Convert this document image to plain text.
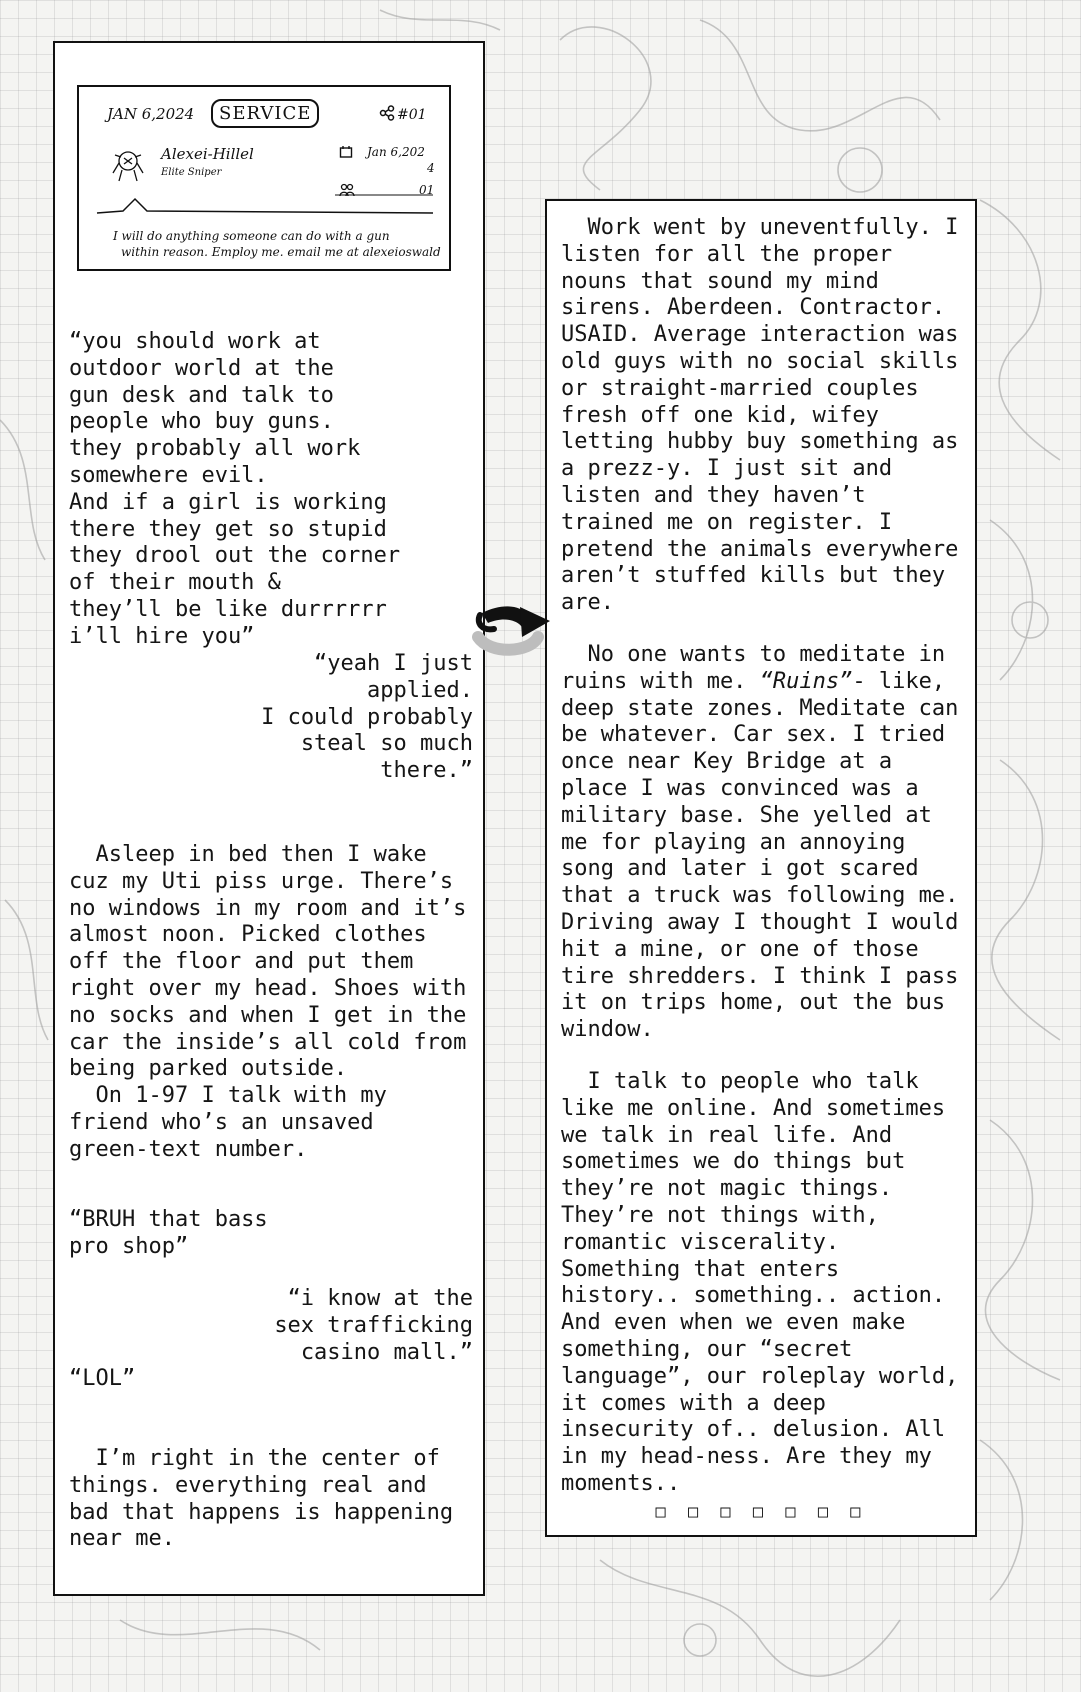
JAN 6,2024	SERVICE	#01
Alexei-Hillel
Elite Sniper
Jan 6,202
4
01
I will do anything someone can do with a gun
within reason. Employ me. email me at alexeioswald

“you should work at
outdoor world at the
gun desk and talk to
people who buy guns.
they probably all work
somewhere evil.
And if a girl is working
there they get so stupid
they drool out the corner
of their mouth &
they’ll be like durrrrrr
i’ll hire you”

“yeah I just
applied.
I could probably
steal so much
there.”

Asleep in bed then I wake
cuz my Uti piss urge. There’s
no windows in my room and it’s
almost noon. Picked clothes
off the floor and put them
right over my head. Shoes with
no socks and when I get in the
car the inside’s all cold from
being parked outside.
On 1-97 I talk with my
friend who’s an unsaved
green-text number.

“BRUH that bass
pro shop”

“i know at the
sex trafficking
casino mall.”

“LOL”

I’m right in the center of
things. everything real and
bad that happens is happening
near me.

Work went by uneventfully. I
listen for all the proper
nouns that sound my mind
sirens. Aberdeen. Contractor.
USAID. Average interaction was
old guys with no social skills
or straight-married couples
fresh off one kid, wifey
letting hubby buy something as
a prezz-y. I just sit and
listen and they haven’t
trained me on register. I
pretend the animals everywhere
aren’t stuffed kills but they
are.

No one wants to meditate in
ruins with me. “Ruins”- like,
deep state zones. Meditate can
be whatever. Car sex. I tried
once near Key Bridge at a
place I was convinced was a
military base. She yelled at
me for playing an annoying
song and later i got scared
that a truck was following me.
Driving away I thought I would
hit a mine, or one of those
tire shredders. I think I pass
it on trips home, out the bus
window.

I talk to people who talk
like me online. And sometimes
we talk in real life. And
sometimes we do things but
they’re not magic things.
They’re not things with,
romantic viscerality.
Something that enters
history.. something.. action.
And even when we even make
something, our “secret
language”, our roleplay world,
it comes with a deep
insecurity of.. delusion. All
in my head-ness. Are they my
moments..

□ □ □ □ □ □ □
